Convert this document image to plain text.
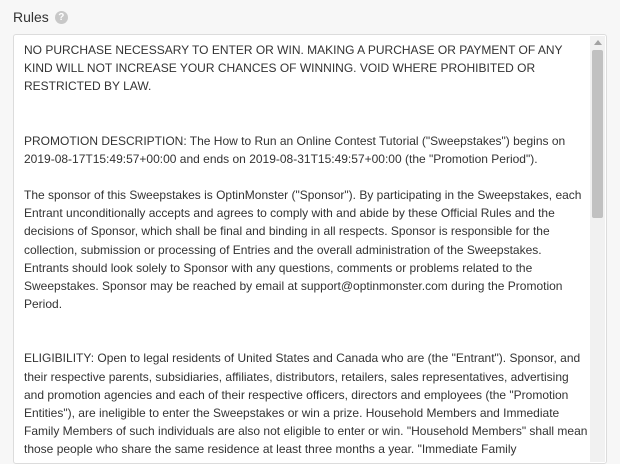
Rules ?

NO PURCHASE NECESSARY TO ENTER OR WIN. MAKING A PURCHASE OR PAYMENT OF ANY KIND WILL NOT INCREASE YOUR CHANCES OF WINNING. VOID WHERE PROHIBITED OR RESTRICTED BY LAW.

PROMOTION DESCRIPTION: The How to Run an Online Contest Tutorial ("Sweepstakes") begins on 2019-08-17T15:49:57+00:00 and ends on 2019-08-31T15:49:57+00:00 (the "Promotion Period").

The sponsor of this Sweepstakes is OptinMonster ("Sponsor"). By participating in the Sweepstakes, each Entrant unconditionally accepts and agrees to comply with and abide by these Official Rules and the decisions of Sponsor, which shall be final and binding in all respects. Sponsor is responsible for the collection, submission or processing of Entries and the overall administration of the Sweepstakes. Entrants should look solely to Sponsor with any questions, comments or problems related to the Sweepstakes. Sponsor may be reached by email at support@optinmonster.com during the Promotion Period.

ELIGIBILITY: Open to legal residents of United States and Canada who are (the "Entrant"). Sponsor, and their respective parents, subsidiaries, affiliates, distributors, retailers, sales representatives, advertising and promotion agencies and each of their respective officers, directors and employees (the "Promotion Entities"), are ineligible to enter the Sweepstakes or win a prize. Household Members and Immediate Family Members of such individuals are also not eligible to enter or win. "Household Members" shall mean those people who share the same residence at least three months a year. "Immediate Family
